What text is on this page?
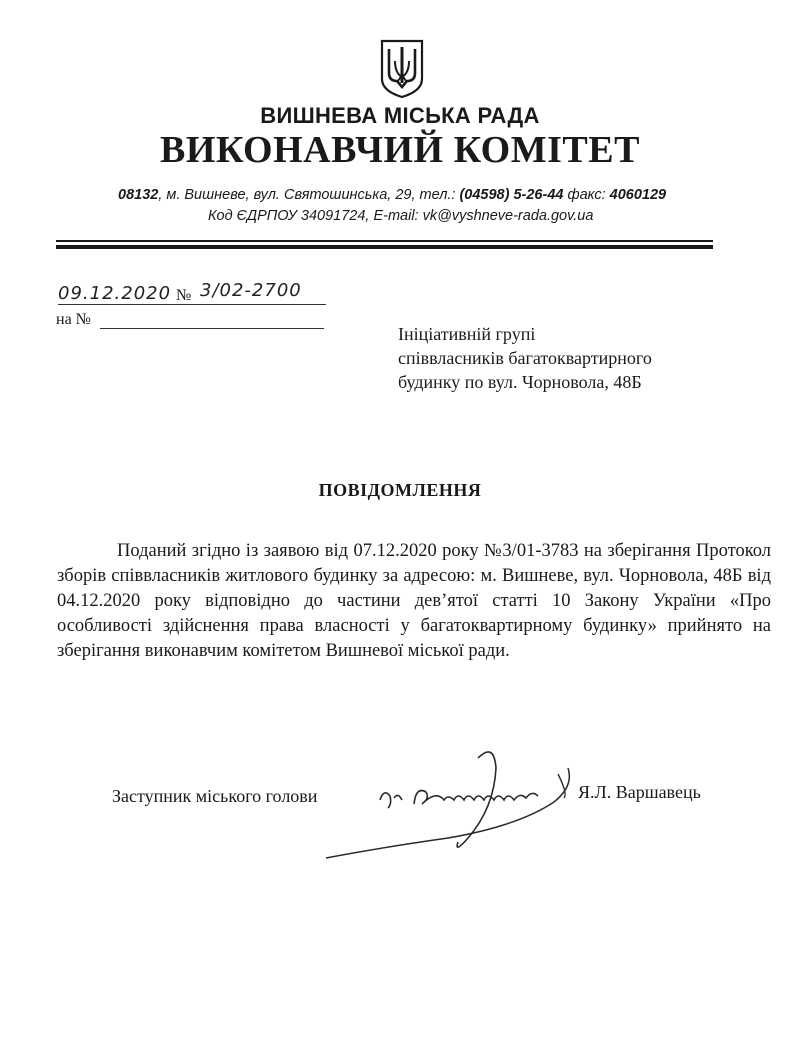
ВИШНЕВА МІСЬКА РАДА
ВИКОНАВЧИЙ КОМІТЕТ
08132, м. Вишневе, вул. Святошинська, 29, тел.: (04598) 5-26-44 факс: 4060129
Код ЄДРПОУ 34091724, E-mail: vk@vyshneve-rada.gov.ua
09.12.2020 № 3/02-2700
на №
Ініціативній групі
співвласників багатоквартирного
будинку по вул. Чорновола, 48Б
ПОВІДОМЛЕННЯ
Поданий згідно із заявою від 07.12.2020 року №3/01-3783 на зберігання Протокол зборів співвласників житлового будинку за адресою: м. Вишневе, вул. Чорновола, 48Б від 04.12.2020 року відповідно до частини дев’ятої статті 10 Закону України «Про особливості здійснення права власності у багатоквартирному будинку» прийнято на зберігання виконавчим комітетом Вишневої міської ради.
Заступник міського голови	Я.Л. Варшавець
